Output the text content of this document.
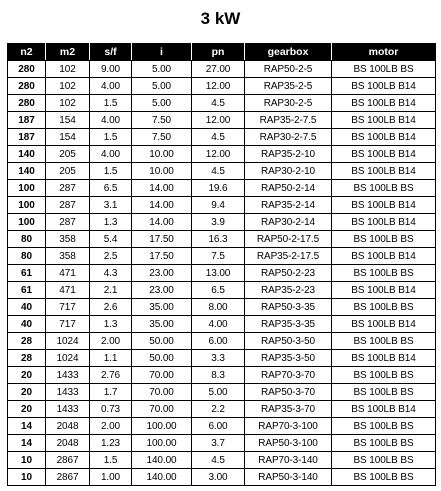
3 kW
n2	m2	s/f	i	pn	gearbox	motor
280	102	9.00	5.00	27.00	RAP50-2-5	BS 100LB BS
280	102	4.00	5.00	12.00	RAP35-2-5	BS 100LB B14
280	102	1.5	5.00	4.5	RAP30-2-5	BS 100LB B14
187	154	4.00	7.50	12.00	RAP35-2-7.5	BS 100LB B14
187	154	1.5	7.50	4.5	RAP30-2-7.5	BS 100LB B14
140	205	4.00	10.00	12.00	RAP35-2-10	BS 100LB B14
140	205	1.5	10.00	4.5	RAP30-2-10	BS 100LB B14
100	287	6.5	14.00	19.6	RAP50-2-14	BS 100LB BS
100	287	3.1	14.00	9.4	RAP35-2-14	BS 100LB B14
100	287	1.3	14.00	3.9	RAP30-2-14	BS 100LB B14
80	358	5.4	17.50	16.3	RAP50-2-17.5	BS 100LB BS
80	358	2.5	17.50	7.5	RAP35-2-17.5	BS 100LB B14
61	471	4.3	23.00	13.00	RAP50-2-23	BS 100LB BS
61	471	2.1	23.00	6.5	RAP35-2-23	BS 100LB B14
40	717	2.6	35.00	8.00	RAP50-3-35	BS 100LB BS
40	717	1.3	35.00	4.00	RAP35-3-35	BS 100LB B14
28	1024	2.00	50.00	6.00	RAP50-3-50	BS 100LB BS
28	1024	1.1	50.00	3.3	RAP35-3-50	BS 100LB B14
20	1433	2.76	70.00	8.3	RAP70-3-70	BS 100LB BS
20	1433	1.7	70.00	5.00	RAP50-3-70	BS 100LB BS
20	1433	0.73	70.00	2.2	RAP35-3-70	BS 100LB B14
14	2048	2.00	100.00	6.00	RAP70-3-100	BS 100LB BS
14	2048	1.23	100.00	3.7	RAP50-3-100	BS 100LB BS
10	2867	1.5	140.00	4.5	RAP70-3-140	BS 100LB BS
10	2867	1.00	140.00	3.00	RAP50-3-140	BS 100LB BS
